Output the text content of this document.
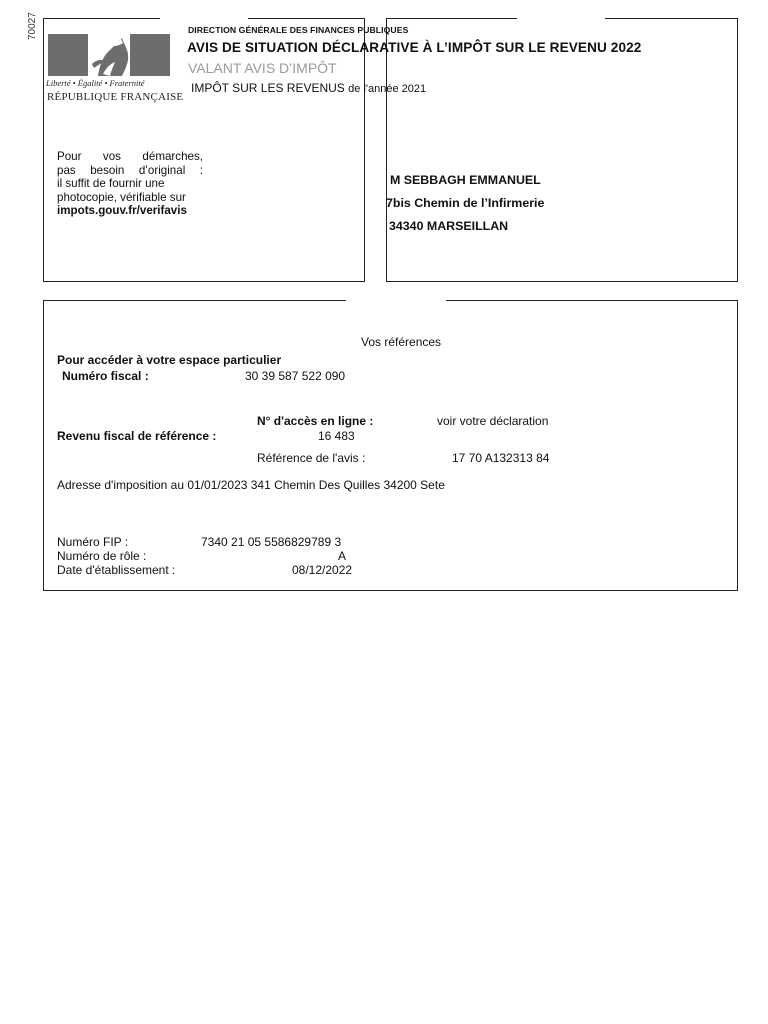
70027
Liberté • Égalité • Fraternité
RÉPUBLIQUE FRANÇAISE
DIRECTION GÉNÉRALE DES FINANCES PUBLIQUES
AVIS DE SITUATION DÉCLARATIVE À L’IMPÔT SUR LE REVENU 2022
VALANT AVIS D’IMPÔT
IMPÔT SUR LES REVENUS de l'année 2021
Pour vos démarches,
pas besoin d’original :
il suffit de fournir une
photocopie, vérifiable sur
impots.gouv.fr/verifavis
M SEBBAGH EMMANUEL
7bis Chemin de l’Infirmerie
34340 MARSEILLAN
Vos références
Pour accéder à votre espace particulier
Numéro fiscal :	30 39 587 522 090
N° d'accès en ligne :	voir votre déclaration
Revenu fiscal de référence :	16 483
Référence de l'avis :	17 70 A132313 84
Adresse d'imposition au 01/01/2023 341 Chemin Des Quilles 34200 Sete
Numéro FIP :	7340 21 05 5586829789 3
Numéro de rôle :	A
Date d'établissement :	08/12/2022
